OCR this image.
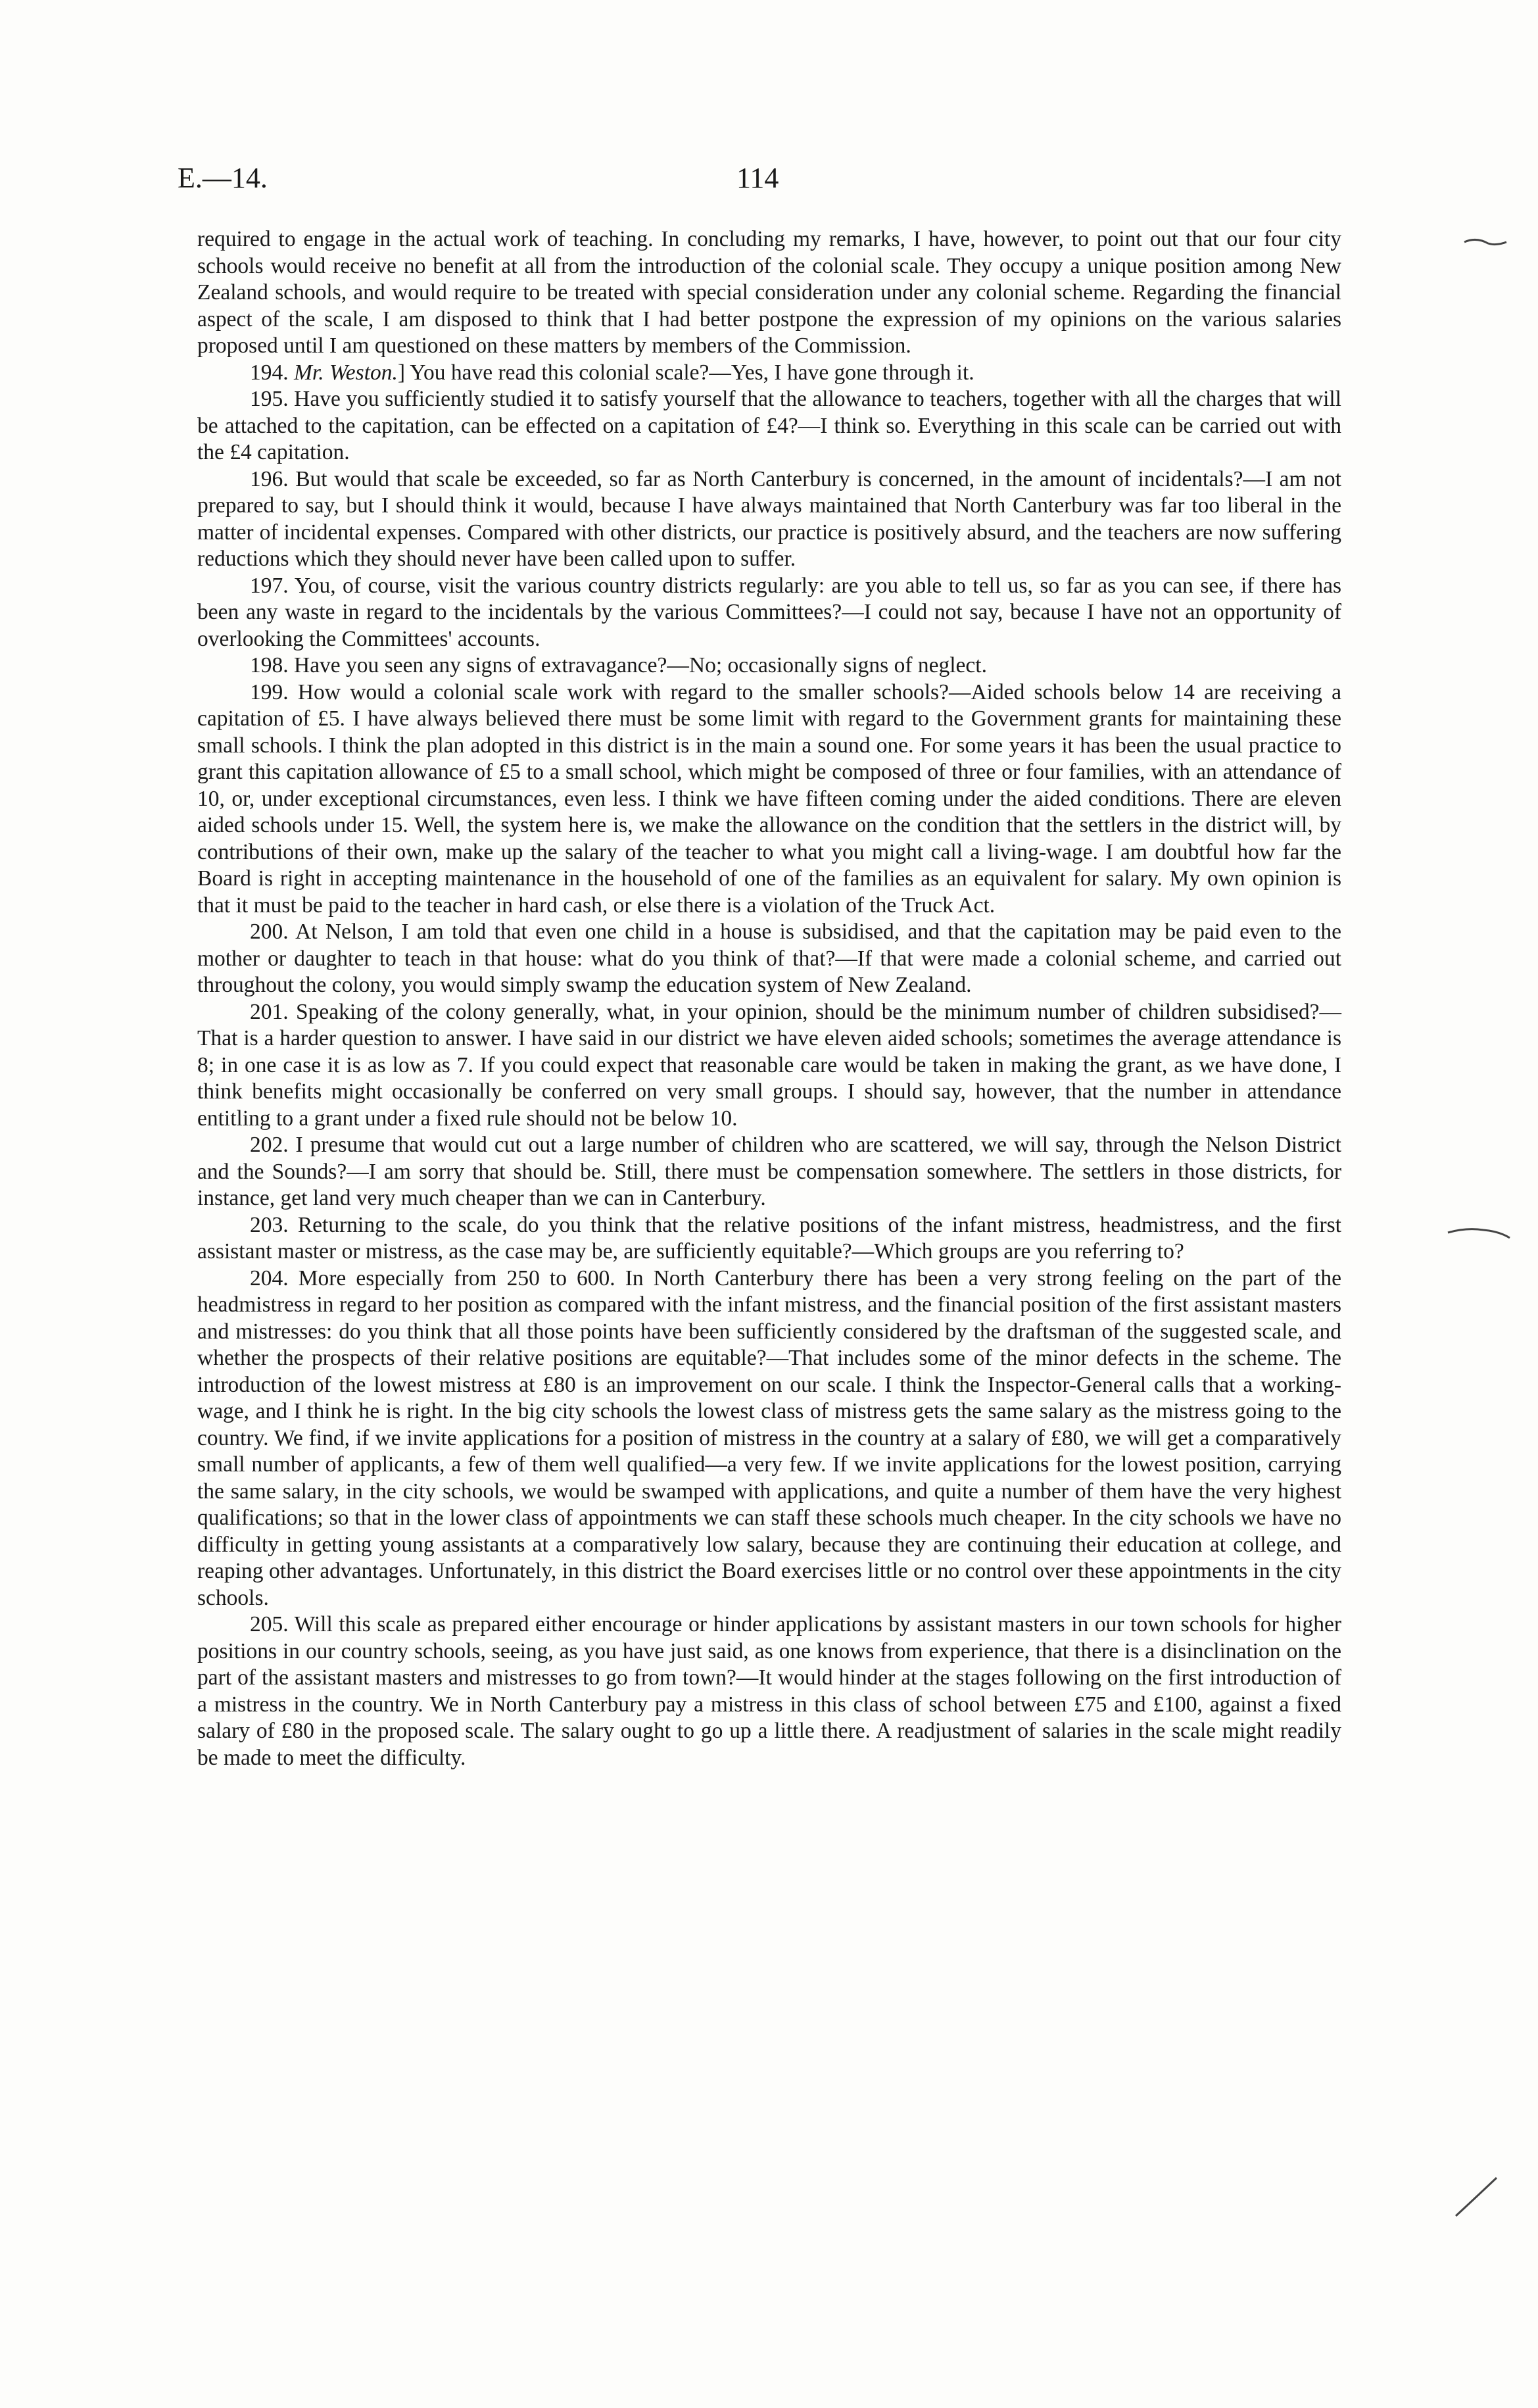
E.—14.	114

required to engage in the actual work of teaching. In concluding my remarks, I have, however, to point out that our four city schools would receive no benefit at all from the introduction of the colonial scale. They occupy a unique position among New Zealand schools, and would require to be treated with special consideration under any colonial scheme. Regarding the financial aspect of the scale, I am disposed to think that I had better postpone the expression of my opinions on the various salaries proposed until I am questioned on these matters by members of the Commission.

194. Mr. Weston.] You have read this colonial scale?—Yes, I have gone through it.

195. Have you sufficiently studied it to satisfy yourself that the allowance to teachers, together with all the charges that will be attached to the capitation, can be effected on a capitation of £4?—I think so. Everything in this scale can be carried out with the £4 capitation.

196. But would that scale be exceeded, so far as North Canterbury is concerned, in the amount of incidentals?—I am not prepared to say, but I should think it would, because I have always maintained that North Canterbury was far too liberal in the matter of incidental expenses. Compared with other districts, our practice is positively absurd, and the teachers are now suffering reductions which they should never have been called upon to suffer.

197. You, of course, visit the various country districts regularly: are you able to tell us, so far as you can see, if there has been any waste in regard to the incidentals by the various Committees?—I could not say, because I have not an opportunity of overlooking the Committees' accounts.

198. Have you seen any signs of extravagance?—No; occasionally signs of neglect.

199. How would a colonial scale work with regard to the smaller schools?—Aided schools below 14 are receiving a capitation of £5. I have always believed there must be some limit with regard to the Government grants for maintaining these small schools. I think the plan adopted in this district is in the main a sound one. For some years it has been the usual practice to grant this capitation allowance of £5 to a small school, which might be composed of three or four families, with an attendance of 10, or, under exceptional circumstances, even less. I think we have fifteen coming under the aided conditions. There are eleven aided schools under 15. Well, the system here is, we make the allowance on the condition that the settlers in the district will, by contributions of their own, make up the salary of the teacher to what you might call a living-wage. I am doubtful how far the Board is right in accepting maintenance in the household of one of the families as an equivalent for salary. My own opinion is that it must be paid to the teacher in hard cash, or else there is a violation of the Truck Act.

200. At Nelson, I am told that even one child in a house is subsidised, and that the capitation may be paid even to the mother or daughter to teach in that house: what do you think of that?—If that were made a colonial scheme, and carried out throughout the colony, you would simply swamp the education system of New Zealand.

201. Speaking of the colony generally, what, in your opinion, should be the minimum number of children subsidised?—That is a harder question to answer. I have said in our district we have eleven aided schools; sometimes the average attendance is 8; in one case it is as low as 7. If you could expect that reasonable care would be taken in making the grant, as we have done, I think benefits might occasionally be conferred on very small groups. I should say, however, that the number in attendance entitling to a grant under a fixed rule should not be below 10.

202. I presume that would cut out a large number of children who are scattered, we will say, through the Nelson District and the Sounds?—I am sorry that should be. Still, there must be compensation somewhere. The settlers in those districts, for instance, get land very much cheaper than we can in Canterbury.

203. Returning to the scale, do you think that the relative positions of the infant mistress, headmistress, and the first assistant master or mistress, as the case may be, are sufficiently equitable?—Which groups are you referring to?

204. More especially from 250 to 600. In North Canterbury there has been a very strong feeling on the part of the headmistress in regard to her position as compared with the infant mistress, and the financial position of the first assistant masters and mistresses: do you think that all those points have been sufficiently considered by the draftsman of the suggested scale, and whether the prospects of their relative positions are equitable?—That includes some of the minor defects in the scheme. The introduction of the lowest mistress at £80 is an improvement on our scale. I think the Inspector-General calls that a working-wage, and I think he is right. In the big city schools the lowest class of mistress gets the same salary as the mistress going to the country. We find, if we invite applications for a position of mistress in the country at a salary of £80, we will get a comparatively small number of applicants, a few of them well qualified—a very few. If we invite applications for the lowest position, carrying the same salary, in the city schools, we would be swamped with applications, and quite a number of them have the very highest qualifications; so that in the lower class of appointments we can staff these schools much cheaper. In the city schools we have no difficulty in getting young assistants at a comparatively low salary, because they are continuing their education at college, and reaping other advantages. Unfortunately, in this district the Board exercises little or no control over these appointments in the city schools.

205. Will this scale as prepared either encourage or hinder applications by assistant masters in our town schools for higher positions in our country schools, seeing, as you have just said, as one knows from experience, that there is a disinclination on the part of the assistant masters and mistresses to go from town?—It would hinder at the stages following on the first introduction of a mistress in the country. We in North Canterbury pay a mistress in this class of school between £75 and £100, against a fixed salary of £80 in the proposed scale. The salary ought to go up a little there. A readjustment of salaries in the scale might readily be made to meet the difficulty.
